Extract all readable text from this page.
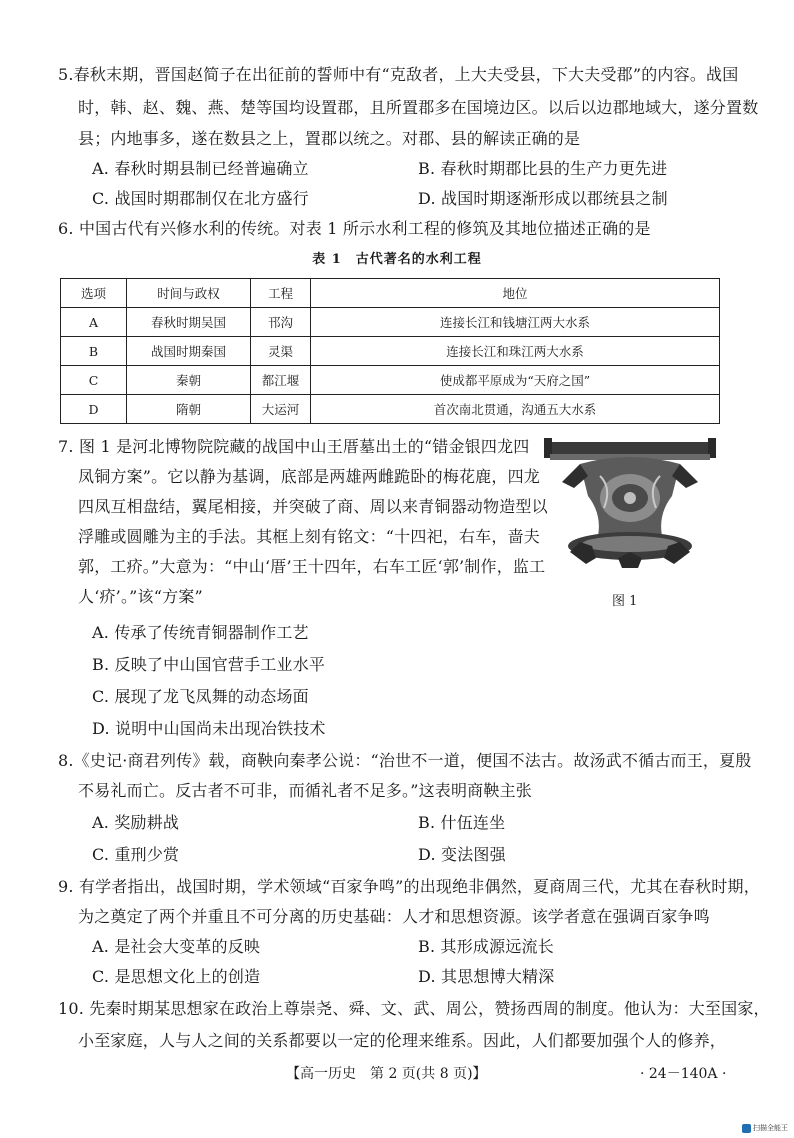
5.春秋末期，晋国赵简子在出征前的誓师中有“克敌者，上大夫受县，下大夫受郡”的内容。战国
时，韩、赵、魏、燕、楚等国均设置郡，且所置郡多在国境边区。以后以边郡地域大，遂分置数
县；内地事多，遂在数县之上，置郡以统之。对郡、县的解读正确的是
A. 春秋时期县制已经普遍确立	B. 春秋时期郡比县的生产力更先进
C. 战国时期郡制仅在北方盛行	D. 战国时期逐渐形成以郡统县之制
6. 中国古代有兴修水利的传统。对表 1 所示水利工程的修筑及其地位描述正确的是
表 1　古代著名的水利工程
选项	时间与政权	工程	地位
A	春秋时期吴国	邗沟	连接长江和钱塘江两大水系
B	战国时期秦国	灵渠	连接长江和珠江两大水系
C	秦朝	都江堰	使成都平原成为“天府之国”
D	隋朝	大运河	首次南北贯通，沟通五大水系
7. 图 1 是河北博物院院藏的战国中山王厝墓出土的“错金银四龙四
凤铜方案”。它以静为基调，底部是两雄两雌跪卧的梅花鹿，四龙
四凤互相盘结，翼尾相接，并突破了商、周以来青铜器动物造型以
浮雕或圆雕为主的手法。其框上刻有铭文：“十四祀，右车，啬夫
郭，工疥。”大意为：“中山‘厝’王十四年，右车工匠‘郭’制作，监工
人‘疥’。”该“方案”	图 1
A. 传承了传统青铜器制作工艺
B. 反映了中山国官营手工业水平
C. 展现了龙飞凤舞的动态场面
D. 说明中山国尚未出现冶铁技术
8.《史记·商君列传》载，商鞅向秦孝公说：“治世不一道，便国不法古。故汤武不循古而王，夏殷
不易礼而亡。反古者不可非，而循礼者不足多。”这表明商鞅主张
A. 奖励耕战	B. 什伍连坐
C. 重刑少赏	D. 变法图强
9. 有学者指出，战国时期，学术领域“百家争鸣”的出现绝非偶然，夏商周三代，尤其在春秋时期，
为之奠定了两个并重且不可分离的历史基础：人才和思想资源。该学者意在强调百家争鸣
A. 是社会大变革的反映	B. 其形成源远流长
C. 是思想文化上的创造	D. 其思想博大精深
10. 先秦时期某思想家在政治上尊崇尧、舜、文、武、周公，赞扬西周的制度。他认为：大至国家，
小至家庭，人与人之间的关系都要以一定的伦理来维系。因此，人们都要加强个人的修养，
【高一历史　第 2 页(共 8 页)】	· 24－140A ·
扫描全能王
